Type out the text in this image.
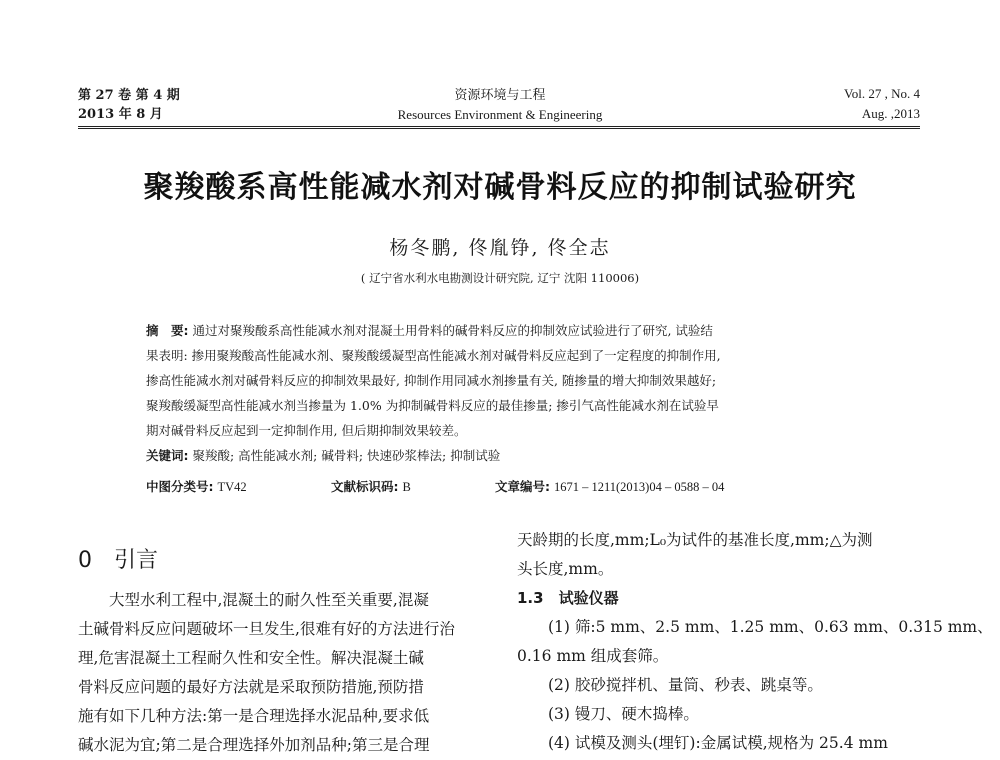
第 27 卷 第 4 期
2013 年 8 月
资源环境与工程
Resources Environment & Engineering
Vol. 27 , No. 4
Aug. ,2013
聚羧酸系高性能减水剂对碱骨料反应的抑制试验研究
杨冬鹏, 佟胤铮, 佟全志
( 辽宁省水利水电勘测设计研究院, 辽宁 沈阳 110006)
摘　要: 通过对聚羧酸系高性能减水剂对混凝土用骨料的碱骨料反应的抑制效应试验进行了研究, 试验结
果表明: 掺用聚羧酸高性能减水剂、聚羧酸缓凝型高性能减水剂对碱骨料反应起到了一定程度的抑制作用,
掺高性能减水剂对碱骨料反应的抑制效果最好, 抑制作用同减水剂掺量有关, 随掺量的增大抑制效果越好;
聚羧酸缓凝型高性能减水剂当掺量为 1.0% 为抑制碱骨料反应的最佳掺量; 掺引气高性能减水剂在试验早
期对碱骨料反应起到一定抑制作用, 但后期抑制效果较差。
关键词: 聚羧酸; 高性能减水剂; 碱骨料; 快速砂浆棒法; 抑制试验
中图分类号: TV42	文献标识码: B	文章编号: 1671 – 1211(2013)04 – 0588 – 04
0　引言
大型水利工程中,混凝土的耐久性至关重要,混凝
土碱骨料反应问题破坏一旦发生,很难有好的方法进行治
理,危害混凝土工程耐久性和安全性。解决混凝土碱
骨料反应问题的最好方法就是采取预防措施,预防措
施有如下几种方法:第一是合理选择水泥品种,要求低
碱水泥为宜;第二是合理选择外加剂品种;第三是合理
天龄期的长度,mm;L₀为试件的基准长度,mm;△为测
头长度,mm。
1.3　试验仪器
(1) 筛:5 mm、2.5 mm、1.25 mm、0.63 mm、0.315 mm、
0.16 mm 组成套筛。
(2) 胶砂搅拌机、量筒、秒表、跳桌等。
(3) 镘刀、硬木捣棒。
(4) 试模及测头(埋钉):金属试模,规格为 25.4 mm
